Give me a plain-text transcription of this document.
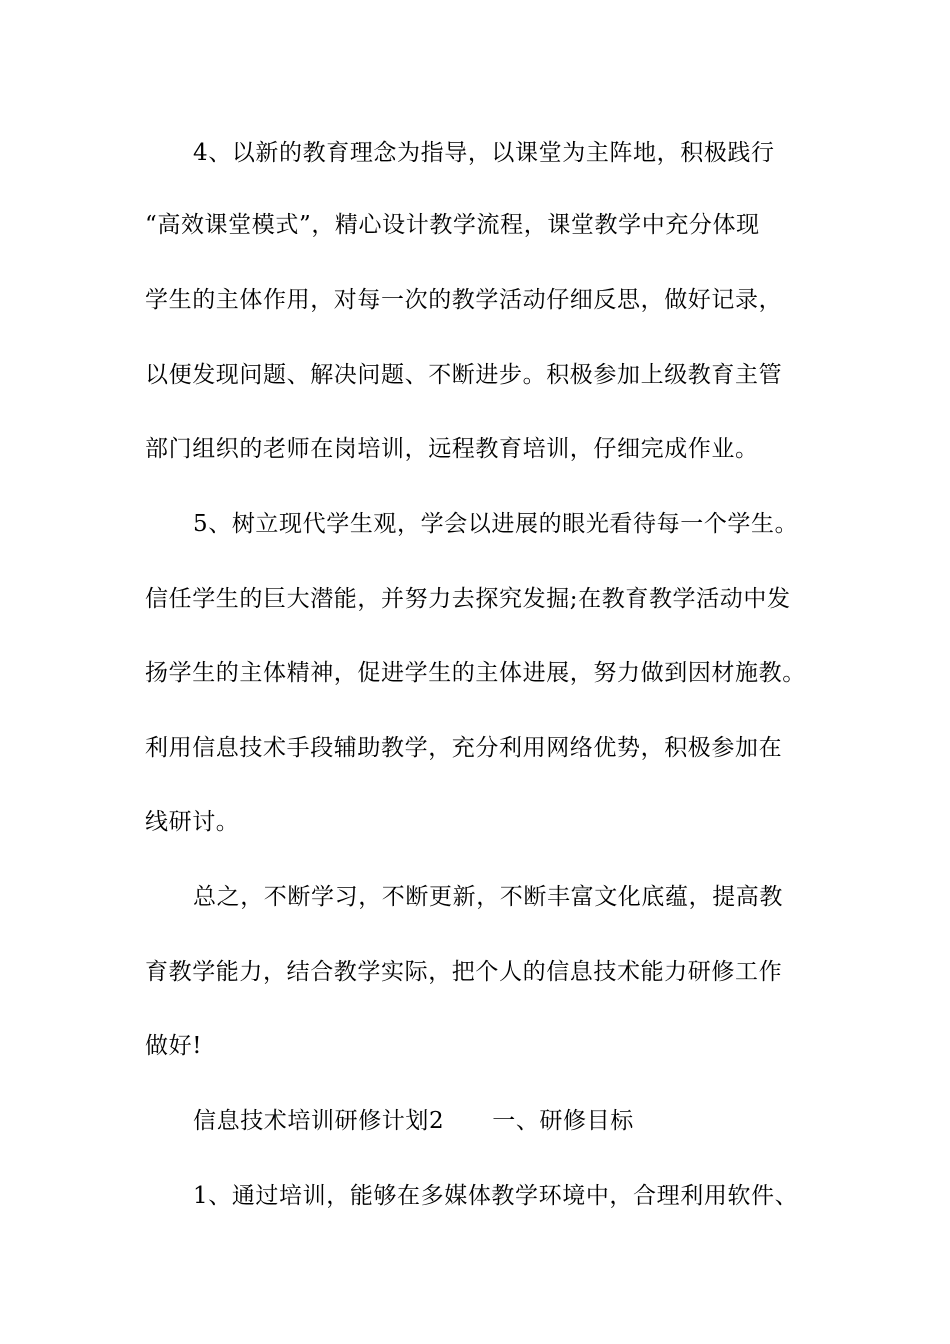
4、以新的教育理念为指导，以课堂为主阵地，积极践行
“高效课堂模式”，精心设计教学流程，课堂教学中充分体现
学生的主体作用，对每一次的教学活动仔细反思，做好记录，
以便发现问题、解决问题、不断进步。积极参加上级教育主管
部门组织的老师在岗培训，远程教育培训，仔细完成作业。
5、树立现代学生观，学会以进展的眼光看待每一个学生。
信任学生的巨大潜能，并努力去探究发掘;在教育教学活动中发
扬学生的主体精神，促进学生的主体进展，努力做到因材施教。
利用信息技术手段辅助教学，充分利用网络优势，积极参加在
线研讨。
总之，不断学习，不断更新，不断丰富文化底蕴，提高教
育教学能力，结合教学实际，把个人的信息技术能力研修工作
做好!
信息技术培训研修计划2 一、研修目标
1、通过培训，能够在多媒体教学环境中，合理利用软件、
